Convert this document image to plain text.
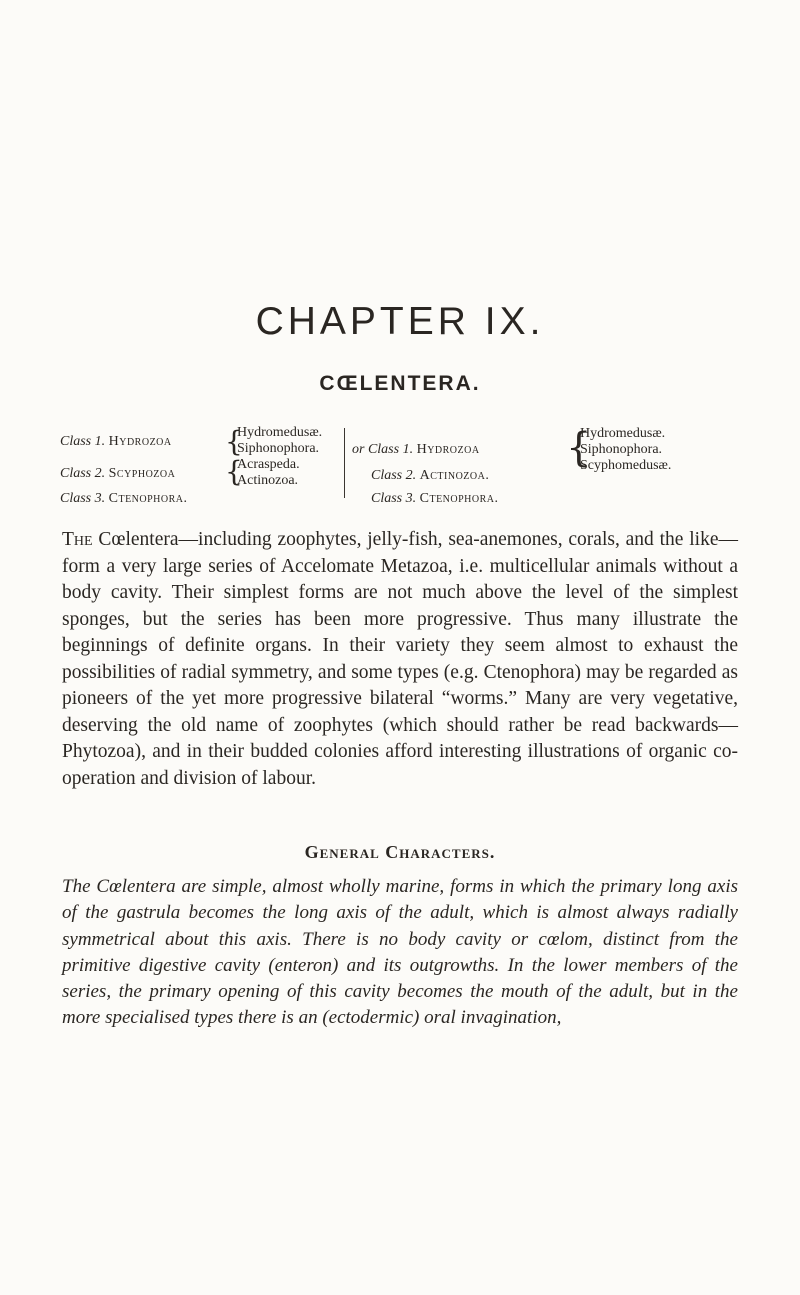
CHAPTER IX.
CŒLENTERA.
Class 1. Hydrozoa {
Hydromedusæ.
Siphonophora.
Class 2. Scyphozoa {
Acraspeda.
Actinozoa.
Class 3. Ctenophora.
or Class 1. Hydrozoa {
Hydromedusæ.
Siphonophora.
Scyphomedusæ.
Class 2. Actinozoa.
Class 3. Ctenophora.

The Cœlentera—including zoophytes, jelly-fish, sea-anemones, corals, and the like—form a very large series of Accelomate Metazoa, i.e. multicellular animals without a body cavity. Their simplest forms are not much above the level of the simplest sponges, but the series has been more progressive. Thus many illustrate the beginnings of definite organs. In their variety they seem almost to exhaust the possibilities of radial symmetry, and some types (e.g. Ctenophora) may be regarded as pioneers of the yet more progressive bilateral “worms.” Many are very vegetative, deserving the old name of zoophytes (which should rather be read backwards—Phytozoa), and in their budded colonies afford interesting illustrations of organic co-operation and division of labour.

General Characters.

The Cœlentera are simple, almost wholly marine, forms in which the primary long axis of the gastrula becomes the long axis of the adult, which is almost always radially symmetrical about this axis. There is no body cavity or cœlom, distinct from the primitive digestive cavity (enteron) and its outgrowths. In the lower members of the series, the primary opening of this cavity becomes the mouth of the adult, but in the more specialised types there is an (ectodermic) oral invagination,
